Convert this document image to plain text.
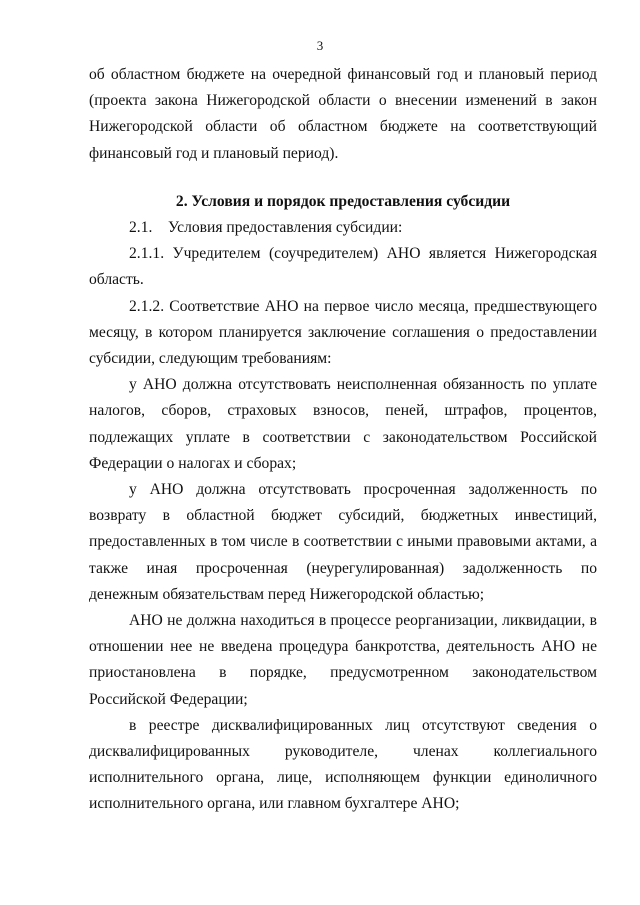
3

об областном бюджете на очередной финансовый год и плановый период (проекта закона Нижегородской области о внесении изменений в закон Нижегородской области об областном бюджете на соответствующий финансовый год и плановый период).

2. Условия и порядок предоставления субсидии

2.1.    Условия предоставления субсидии:

2.1.1. Учредителем (соучредителем) АНО является Нижегородская область.

2.1.2. Соответствие АНО на первое число месяца, предшествующего месяцу, в котором планируется заключение соглашения о предоставлении субсидии, следующим требованиям:

у АНО должна отсутствовать неисполненная обязанность по уплате налогов, сборов, страховых взносов, пеней, штрафов, процентов, подлежащих уплате в соответствии с законодательством Российской Федерации о налогах и сборах;

у АНО должна отсутствовать просроченная задолженность по возврату в областной бюджет субсидий, бюджетных инвестиций, предоставленных в том числе в соответствии с иными правовыми актами, а также иная просроченная (неурегулированная) задолженность по денежным обязательствам перед Нижегородской областью;

АНО не должна находиться в процессе реорганизации, ликвидации, в отношении нее не введена процедура банкротства, деятельность АНО не приостановлена в порядке, предусмотренном законодательством Российской Федерации;

в реестре дисквалифицированных лиц отсутствуют сведения о дисквалифицированных руководителе, членах коллегиального исполнительного органа, лице, исполняющем функции единоличного исполнительного органа, или главном бухгалтере АНО;
